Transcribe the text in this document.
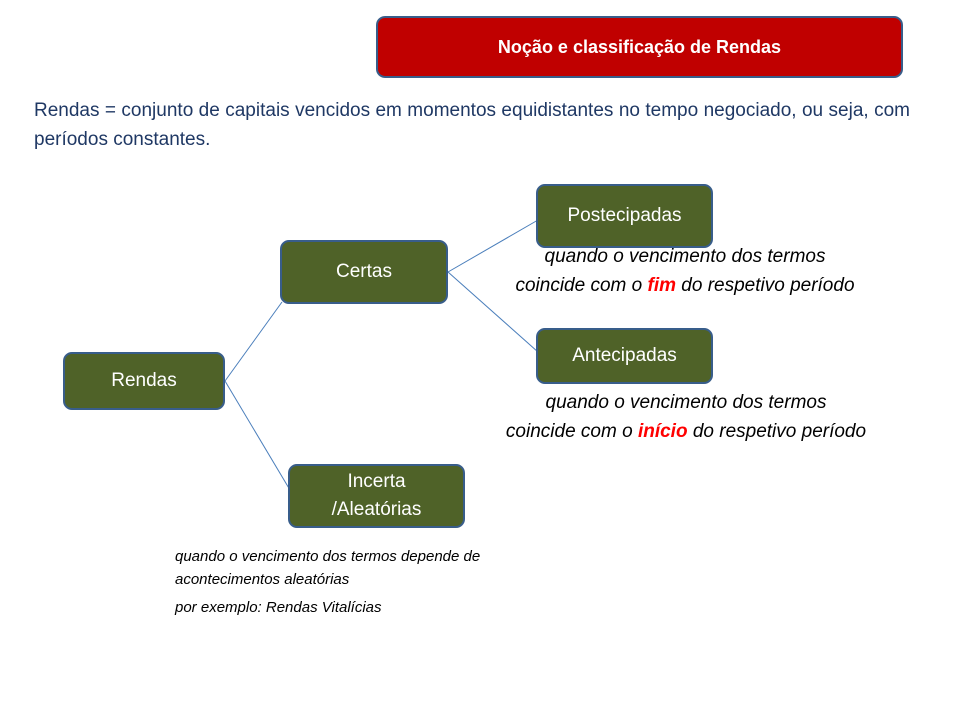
Noção e classificação de Rendas
Rendas = conjunto de capitais vencidos em momentos equidistantes no tempo negociado, ou seja, com períodos constantes.
Rendas
Certas
Incerta
/Aleatórias
Postecipadas
Antecipadas
quando o vencimento dos termos
coincide com o fim do respetivo período
quando o vencimento dos termos
coincide com o início do respetivo período
quando o vencimento dos termos depende de acontecimentos aleatórias
por exemplo: Rendas Vitalícias
